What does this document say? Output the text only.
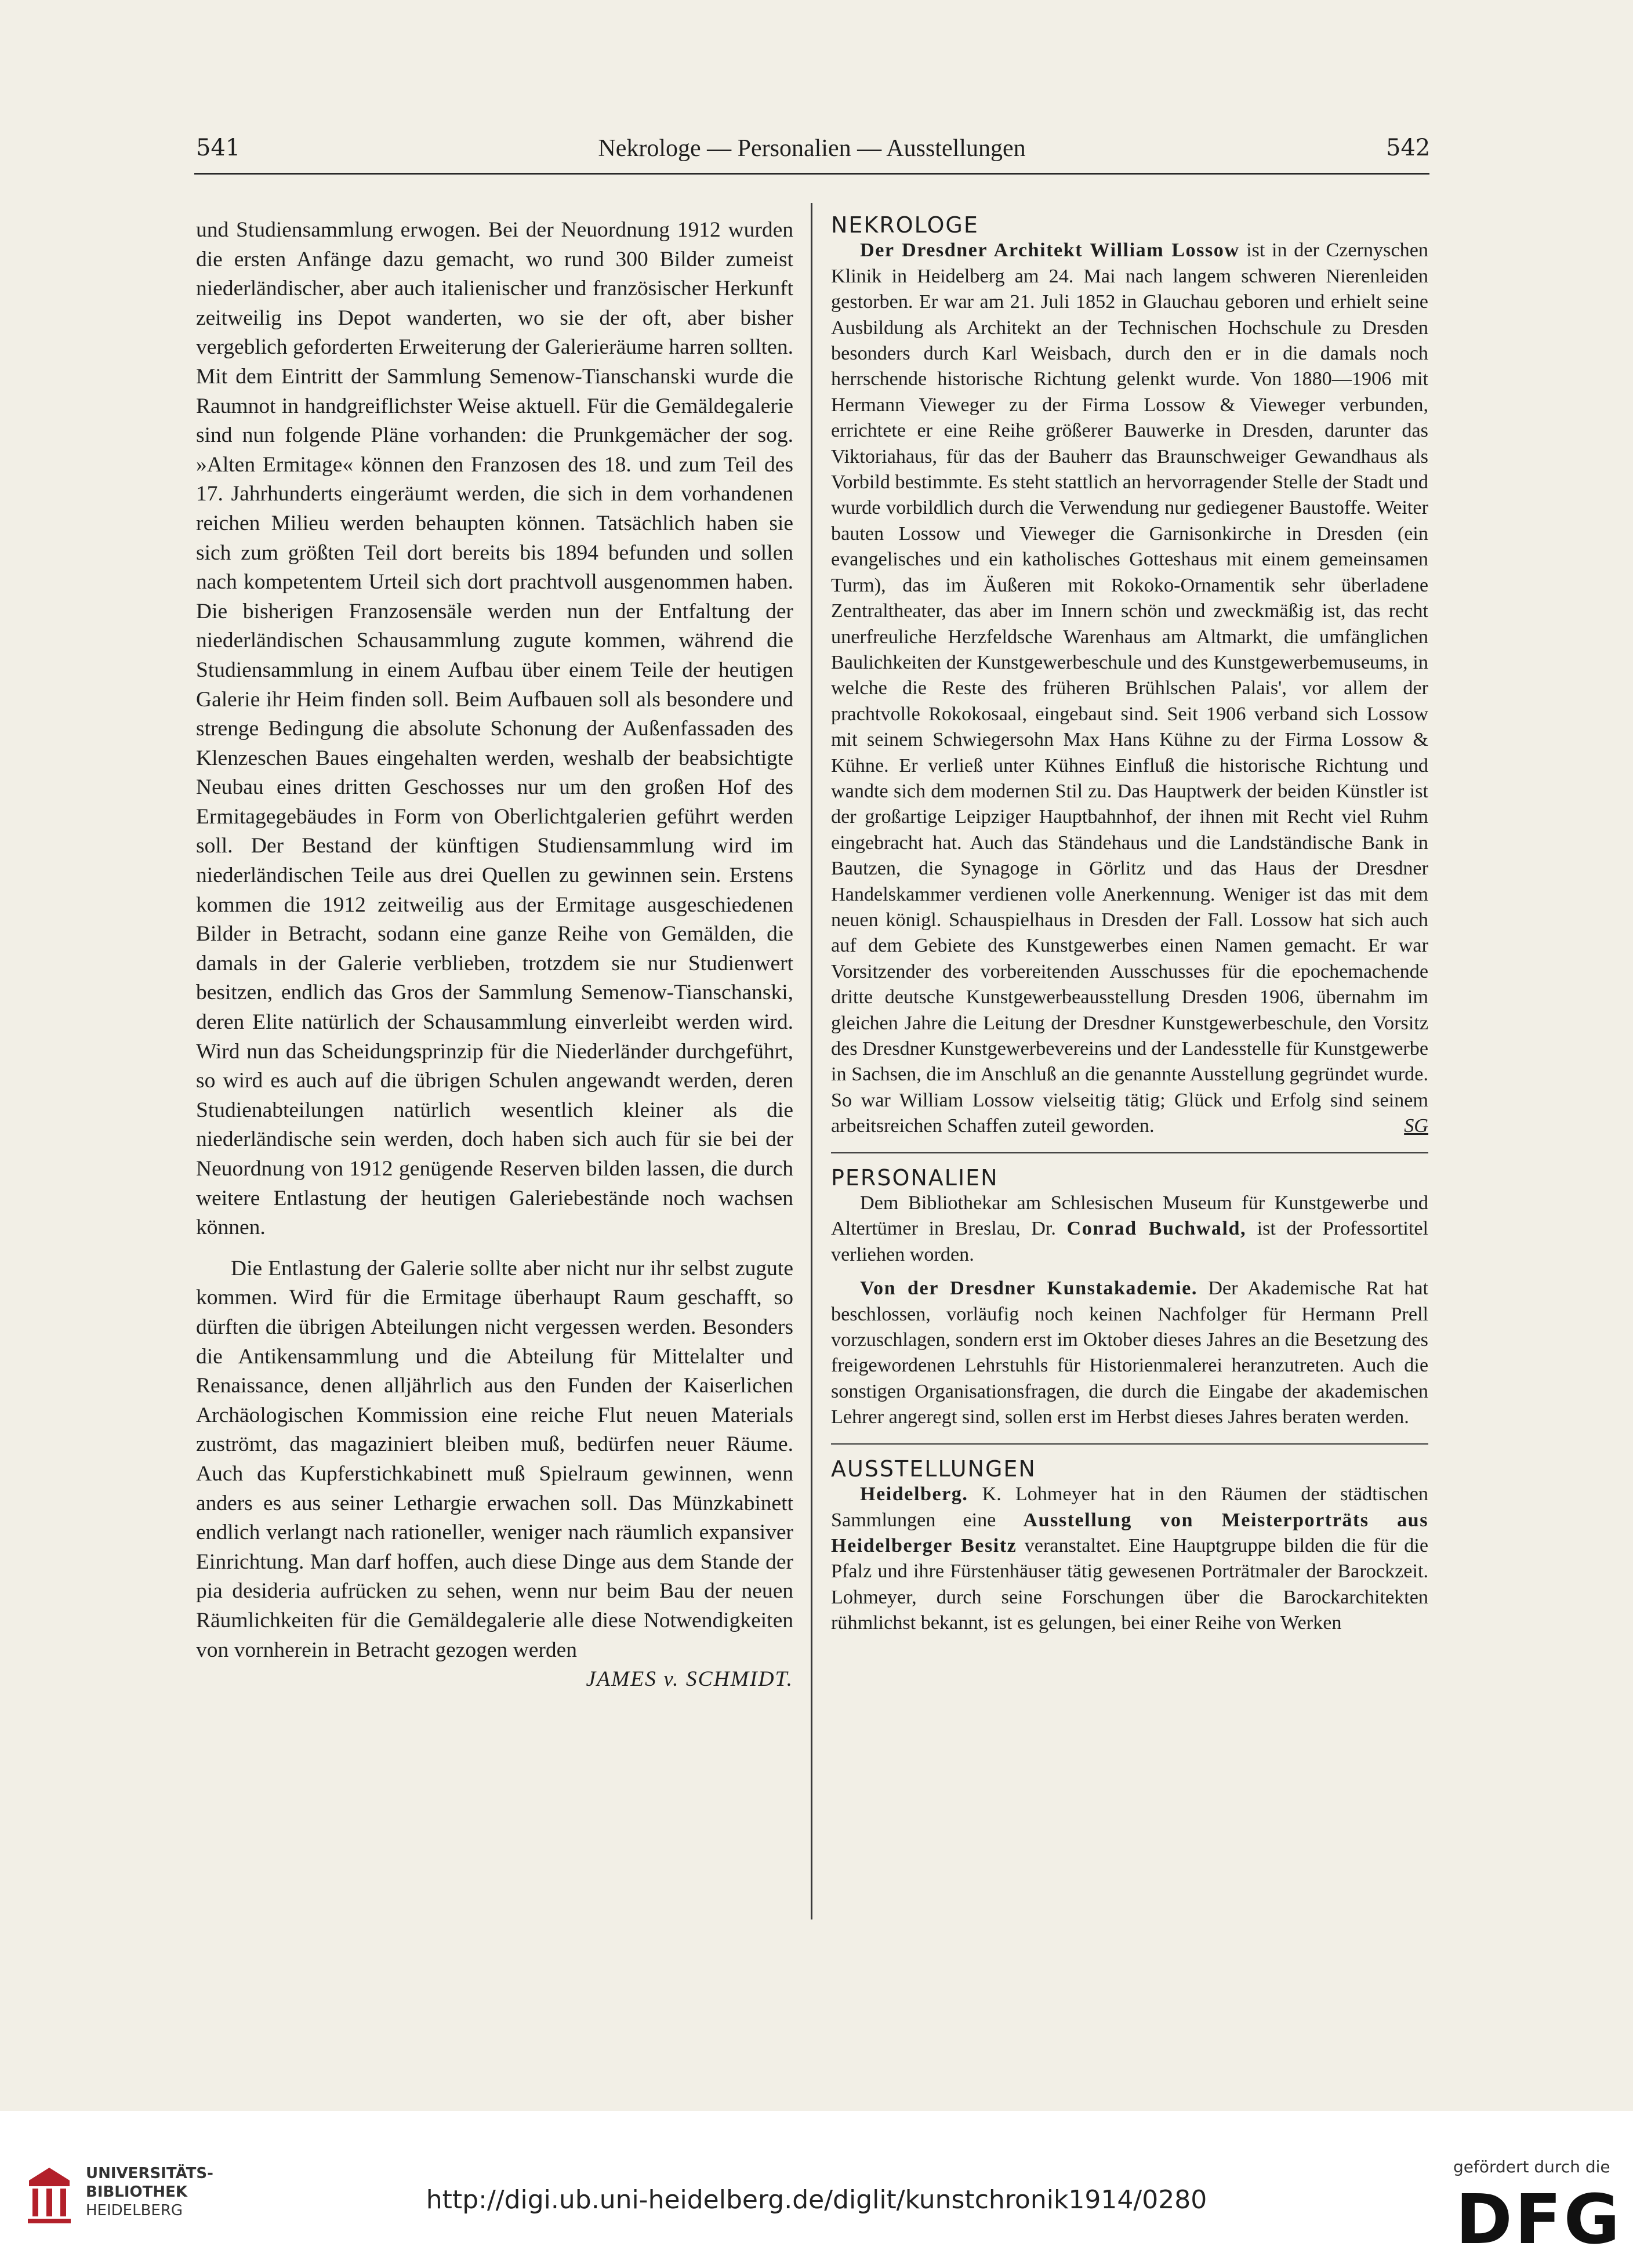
541	Nekrologe — Personalien — Ausstellungen	542

und Studiensammlung erwogen. Bei der Neuordnung 1912 wurden die ersten Anfänge dazu gemacht, wo rund 300 Bilder zumeist niederländischer, aber auch italienischer und französischer Herkunft zeitweilig ins Depot wanderten, wo sie der oft, aber bisher vergeblich geforderten Erweiterung der Galerieräume harren sollten. Mit dem Eintritt der Sammlung Semenow-Tianschanski wurde die Raumnot in handgreiflichster Weise aktuell. Für die Gemäldegalerie sind nun folgende Pläne vorhanden: die Prunkgemächer der sog. »Alten Ermitage« können den Franzosen des 18. und zum Teil des 17. Jahrhunderts eingeräumt werden, die sich in dem vorhandenen reichen Milieu werden behaupten können. Tatsächlich haben sie sich zum größten Teil dort bereits bis 1894 befunden und sollen nach kompetentem Urteil sich dort prachtvoll ausgenommen haben. Die bisherigen Franzosensäle werden nun der Entfaltung der niederländischen Schausammlung zugute kommen, während die Studiensammlung in einem Aufbau über einem Teile der heutigen Galerie ihr Heim finden soll. Beim Aufbauen soll als besondere und strenge Bedingung die absolute Schonung der Außenfassaden des Klenzeschen Baues eingehalten werden, weshalb der beabsichtigte Neubau eines dritten Geschosses nur um den großen Hof des Ermitagegebäudes in Form von Oberlichtgalerien geführt werden soll. Der Bestand der künftigen Studiensammlung wird im niederländischen Teile aus drei Quellen zu gewinnen sein. Erstens kommen die 1912 zeitweilig aus der Ermitage ausgeschiedenen Bilder in Betracht, sodann eine ganze Reihe von Gemälden, die damals in der Galerie verblieben, trotzdem sie nur Studienwert besitzen, endlich das Gros der Sammlung Semenow-Tianschanski, deren Elite natürlich der Schausammlung einverleibt werden wird. Wird nun das Scheidungsprinzip für die Niederländer durchgeführt, so wird es auch auf die übrigen Schulen angewandt werden, deren Studienabteilungen natürlich wesentlich kleiner als die niederländische sein werden, doch haben sich auch für sie bei der Neuordnung von 1912 genügende Reserven bilden lassen, die durch weitere Entlastung der heutigen Galeriebestände noch wachsen können.

Die Entlastung der Galerie sollte aber nicht nur ihr selbst zugute kommen. Wird für die Ermitage überhaupt Raum geschafft, so dürften die übrigen Abteilungen nicht vergessen werden. Besonders die Antikensammlung und die Abteilung für Mittelalter und Renaissance, denen alljährlich aus den Funden der Kaiserlichen Archäologischen Kommission eine reiche Flut neuen Materials zuströmt, das magaziniert bleiben muß, bedürfen neuer Räume. Auch das Kupferstichkabinett muß Spielraum gewinnen, wenn anders es aus seiner Lethargie erwachen soll. Das Münzkabinett endlich verlangt nach rationeller, weniger nach räumlich expansiver Einrichtung. Man darf hoffen, auch diese Dinge aus dem Stande der pia desideria aufrücken zu sehen, wenn nur beim Bau der neuen Räumlichkeiten für die Gemäldegalerie alle diese Notwendigkeiten von vornherein in Betracht gezogen werden
JAMES v. SCHMIDT.

NEKROLOGE

Der Dresdner Architekt William Lossow ist in der Czernyschen Klinik in Heidelberg am 24. Mai nach langem schweren Nierenleiden gestorben. Er war am 21. Juli 1852 in Glauchau geboren und erhielt seine Ausbildung als Architekt an der Technischen Hochschule zu Dresden besonders durch Karl Weisbach, durch den er in die damals noch herrschende historische Richtung gelenkt wurde. Von 1880—1906 mit Hermann Vieweger zu der Firma Lossow & Vieweger verbunden, errichtete er eine Reihe größerer Bauwerke in Dresden, darunter das Viktoriahaus, für das der Bauherr das Braunschweiger Gewandhaus als Vorbild bestimmte. Es steht stattlich an hervorragender Stelle der Stadt und wurde vorbildlich durch die Verwendung nur gediegener Baustoffe. Weiter bauten Lossow und Vieweger die Garnisonkirche in Dresden (ein evangelisches und ein katholisches Gotteshaus mit einem gemeinsamen Turm), das im Äußeren mit Rokoko-Ornamentik sehr überladene Zentraltheater, das aber im Innern schön und zweckmäßig ist, das recht unerfreuliche Herzfeldsche Warenhaus am Altmarkt, die umfänglichen Baulichkeiten der Kunstgewerbeschule und des Kunstgewerbemuseums, in welche die Reste des früheren Brühlschen Palais', vor allem der prachtvolle Rokokosaal, eingebaut sind. Seit 1906 verband sich Lossow mit seinem Schwiegersohn Max Hans Kühne zu der Firma Lossow & Kühne. Er verließ unter Kühnes Einfluß die historische Richtung und wandte sich dem modernen Stil zu. Das Hauptwerk der beiden Künstler ist der großartige Leipziger Hauptbahnhof, der ihnen mit Recht viel Ruhm eingebracht hat. Auch das Ständehaus und die Landständische Bank in Bautzen, die Synagoge in Görlitz und das Haus der Dresdner Handelskammer verdienen volle Anerkennung. Weniger ist das mit dem neuen königl. Schauspielhaus in Dresden der Fall. Lossow hat sich auch auf dem Gebiete des Kunstgewerbes einen Namen gemacht. Er war Vorsitzender des vorbereitenden Ausschusses für die epochemachende dritte deutsche Kunstgewerbeausstellung Dresden 1906, übernahm im gleichen Jahre die Leitung der Dresdner Kunstgewerbeschule, den Vorsitz des Dresdner Kunstgewerbevereins und der Landesstelle für Kunstgewerbe in Sachsen, die im Anschluß an die genannte Ausstellung gegründet wurde. So war William Lossow vielseitig tätig; Glück und Erfolg sind seinem arbeitsreichen Schaffen zuteil geworden.	SG

PERSONALIEN

Dem Bibliothekar am Schlesischen Museum für Kunstgewerbe und Altertümer in Breslau, Dr. Conrad Buchwald, ist der Professortitel verliehen worden.

Von der Dresdner Kunstakademie. Der Akademische Rat hat beschlossen, vorläufig noch keinen Nachfolger für Hermann Prell vorzuschlagen, sondern erst im Oktober dieses Jahres an die Besetzung des freigewordenen Lehrstuhls für Historienmalerei heranzutreten. Auch die sonstigen Organisationsfragen, die durch die Eingabe der akademischen Lehrer angeregt sind, sollen erst im Herbst dieses Jahres beraten werden.

AUSSTELLUNGEN

Heidelberg. K. Lohmeyer hat in den Räumen der städtischen Sammlungen eine Ausstellung von Meisterporträts aus Heidelberger Besitz veranstaltet. Eine Hauptgruppe bilden die für die Pfalz und ihre Fürstenhäuser tätig gewesenen Porträtmaler der Barockzeit. Lohmeyer, durch seine Forschungen über die Barockarchitekten rühmlichst bekannt, ist es gelungen, bei einer Reihe von Werken

UNIVERSITÄTS-
BIBLIOTHEK
HEIDELBERG	http://digi.ub.uni-heidelberg.de/diglit/kunstchronik1914/0280
gefördert durch die
DFG
